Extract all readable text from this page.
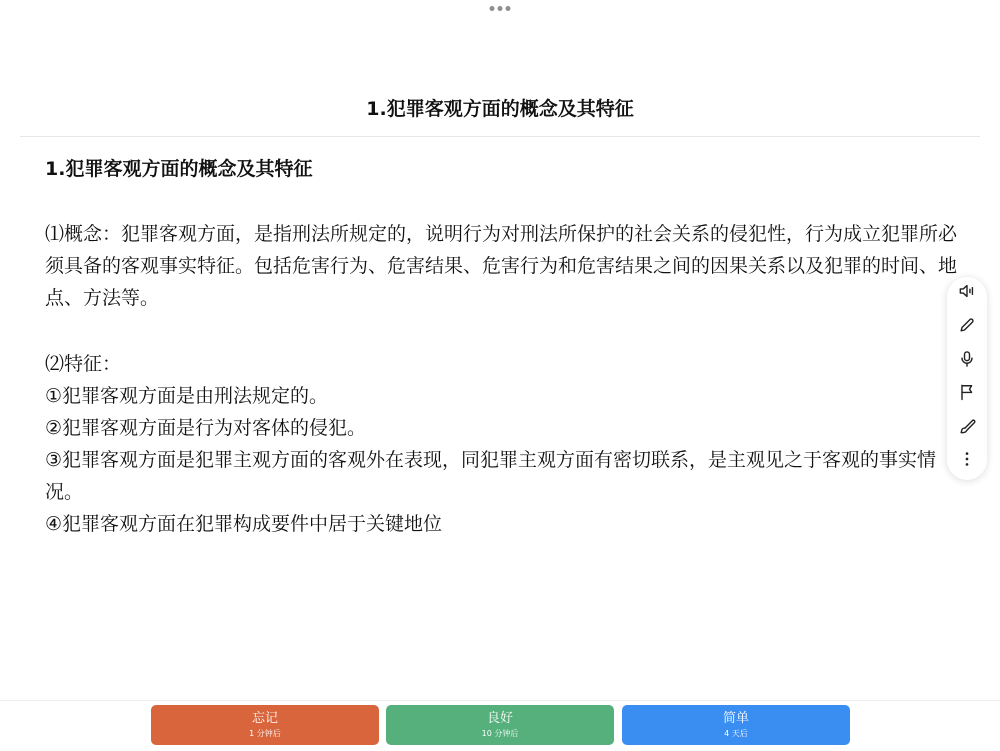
1.犯罪客观方面的概念及其特征
1.犯罪客观方面的概念及其特征

⑴概念：犯罪客观方面，是指刑法所规定的，说明行为对刑法所保护的社会关系的侵犯性，行为成立犯罪所必须具备的客观事实特征。包括危害行为、危害结果、危害行为和危害结果之间的因果关系以及犯罪的时间、地点、方法等。

⑵特征：

①犯罪客观方面是由刑法规定的。

②犯罪客观方面是行为对客体的侵犯。

③犯罪客观方面是犯罪主观方面的客观外在表现，同犯罪主观方面有密切联系，是主观见之于客观的事实情况。

④犯罪客观方面在犯罪构成要件中居于关键地位

忘记
1 分钟后
良好
10 分钟后
简单
4 天后
